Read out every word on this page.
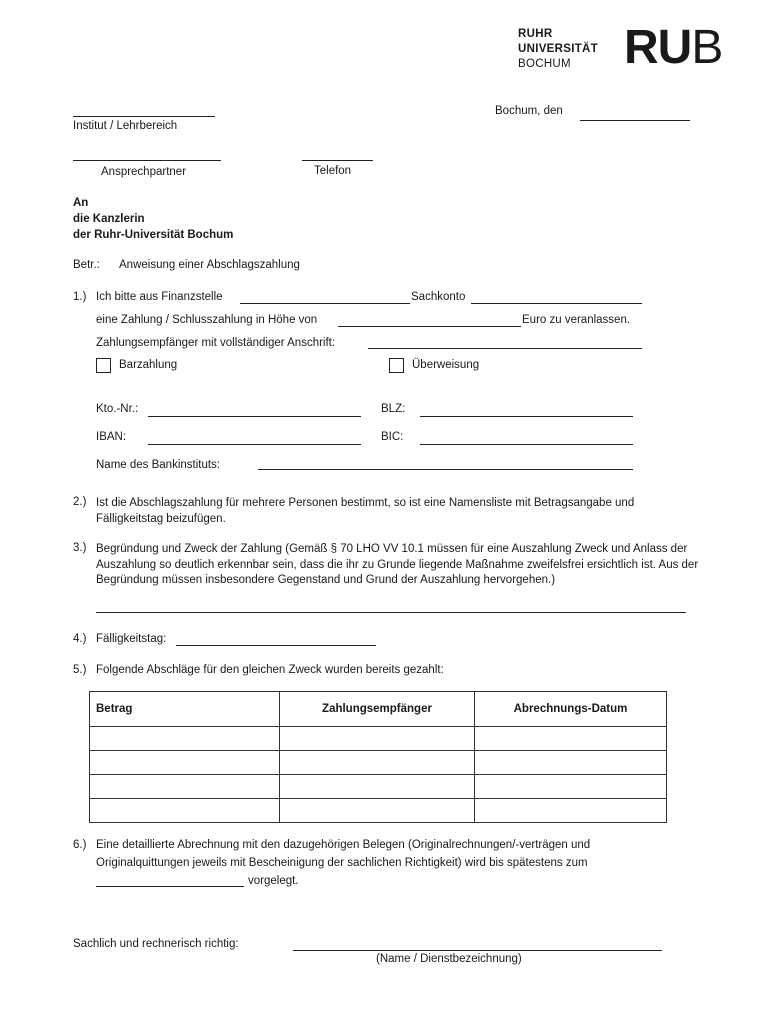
RUHR
UNIVERSITÄT
BOCHUM	RUB
Bochum, den
Institut / Lehrbereich
Ansprechpartner	Telefon
An
die Kanzlerin
der Ruhr-Universität Bochum
Betr.: Anweisung einer Abschlagszahlung
1.) Ich bitte aus Finanzstelle	Sachkonto
eine Zahlung / Schlusszahlung in Höhe von	Euro zu veranlassen.
Zahlungsempfänger mit vollständiger Anschrift:
Barzahlung	Überweisung
Kto.-Nr.:	BLZ:
IBAN:	BIC:
Name des Bankinstituts:
2.) Ist die Abschlagszahlung für mehrere Personen bestimmt, so ist eine Namensliste mit Betragsangabe und Fälligkeitstag beizufügen.
3.) Begründung und Zweck der Zahlung (Gemäß § 70 LHO VV 10.1 müssen für eine Auszahlung Zweck und Anlass der Auszahlung so deutlich erkennbar sein, dass die ihr zu Grunde liegende Maßnahme zweifelsfrei ersichtlich ist. Aus der Begründung müssen insbesondere Gegenstand und Grund der Auszahlung hervorgehen.)
4.) Fälligkeitstag:
5.) Folgende Abschläge für den gleichen Zweck wurden bereits gezahlt:
Betrag	Zahlungsempfänger	Abrechnungs-Datum

6.) Eine detaillierte Abrechnung mit den dazugehörigen Belegen (Originalrechnungen/-verträgen und
Originalquittungen jeweils mit Bescheinigung der sachlichen Richtigkeit) wird bis spätestens zum
vorgelegt.
Sachlich und rechnerisch richtig:
(Name / Dienstbezeichnung)
